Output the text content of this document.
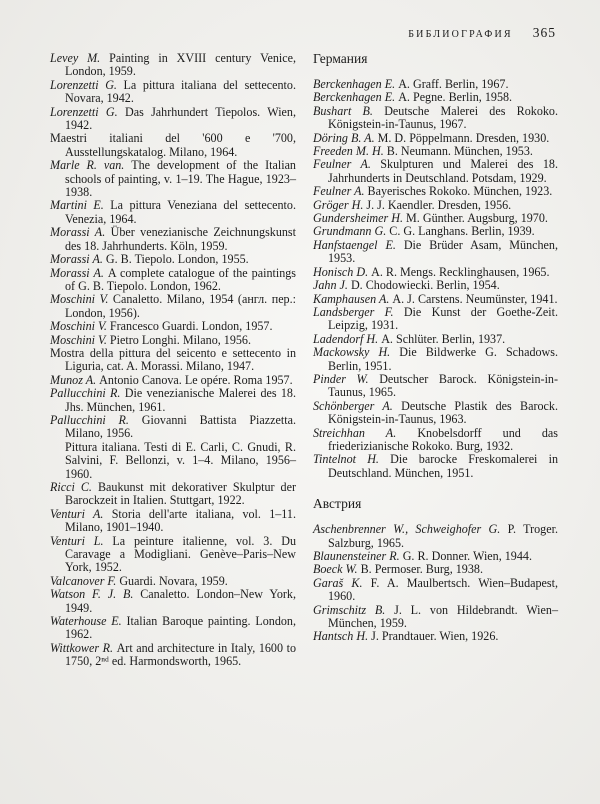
БИБЛИОГРАФИЯ 365

Levey M. Painting in XVIII century Venice, London, 1959.

Lorenzetti G. La pittura italiana del settecento. Novara, 1942.

Lorenzetti G. Das Jahrhundert Tiepolos. Wien, 1942.

Maestri italiani del '600 e '700, Ausstellungskatalog. Milano, 1964.

Marle R. van. The development of the Italian schools of painting, v. 1–19. The Hague, 1923–1938.

Martini E. La pittura Veneziana del settecento. Venezia, 1964.

Morassi A. Über venezianische Zeichnungskunst des 18. Jahrhunderts. Köln, 1959.

Morassi A. G. B. Tiepolo. London, 1955.

Morassi A. A complete catalogue of the paintings of G. B. Tiepolo. London, 1962.

Moschini V. Canaletto. Milano, 1954 (англ. пер.: London, 1956).

Moschini V. Francesco Guardi. London, 1957.

Moschini V. Pietro Longhi. Milano, 1956.

Mostra della pittura del seicento e settecento in Liguria, cat. A. Morassi. Milano, 1947.

Munoz A. Antonio Canova. Le opére. Roma 1957.

Pallucchini R. Die venezianische Malerei des 18. Jhs. München, 1961.

Pallucchini R. Giovanni Battista Piazzetta. Milano, 1956.

Pittura italiana. Testi di E. Carli, C. Gnudi, R. Salvini, F. Bellonzi, v. 1–4. Milano, 1956–1960.

Ricci C. Baukunst mit dekorativer Skulptur der Barockzeit in Italien. Stuttgart, 1922.

Venturi A. Storia dell'arte italiana, vol. 1–11. Milano, 1901–1940.

Venturi L. La peinture italienne, vol. 3. Du Caravage a Modigliani. Genève–Paris–New York, 1952.

Valcanover F. Guardi. Novara, 1959.

Watson F. J. B. Canaletto. London–New York, 1949.

Waterhouse E. Italian Baroque painting. London, 1962.

Wittkower R. Art and architecture in Italy, 1600 to 1750, 2ⁿᵈ ed. Harmondsworth, 1965.

Германия

Berckenhagen E. A. Graff. Berlin, 1967.

Berckenhagen E. A. Pegne. Berlin, 1958.

Bushart B. Deutsche Malerei des Rokoko. Königstein-in-Taunus, 1967.

Döring B. A. M. D. Pöppelmann. Dresden, 1930.

Freeden M. H. B. Neumann. München, 1953.

Feulner A. Skulpturen und Malerei des 18. Jahrhunderts in Deutschland. Potsdam, 1929.

Feulner A. Bayerisches Rokoko. München, 1923.

Gröger H. J. J. Kaendler. Dresden, 1956.

Gundersheimer H. M. Günther. Augsburg, 1970.

Grundmann G. C. G. Langhans. Berlin, 1939.

Hanfstaengel E. Die Brüder Asam, München, 1953.

Honisch D. A. R. Mengs. Recklinghausen, 1965.

Jahn J. D. Chodowiecki. Berlin, 1954.

Kamphausen A. A. J. Carstens. Neumünster, 1941.

Landsberger F. Die Kunst der Goethe-Zeit. Leipzig, 1931.

Ladendorf H. A. Schlüter. Berlin, 1937.

Mackowsky H. Die Bildwerke G. Schadows. Berlin, 1951.

Pinder W. Deutscher Barock. Königstein-in-Taunus, 1965.

Schönberger A. Deutsche Plastik des Barock. Königstein-in-Taunus, 1963.

Streichhan A. Knobelsdorff und das friederizianische Rokoko. Burg, 1932.

Tintelnot H. Die barocke Freskomalerei in Deutschland. München, 1951.

Австрия

Aschenbrenner W., Schweighofer G. P. Troger. Salzburg, 1965.

Blaunensteiner R. G. R. Donner. Wien, 1944.

Boeck W. B. Permoser. Burg, 1938.

Garaš K. F. A. Maulbertsch. Wien–Budapest, 1960.

Grimschitz B. J. L. von Hildebrandt. Wien–München, 1959.

Hantsch H. J. Prandtauer. Wien, 1926.
